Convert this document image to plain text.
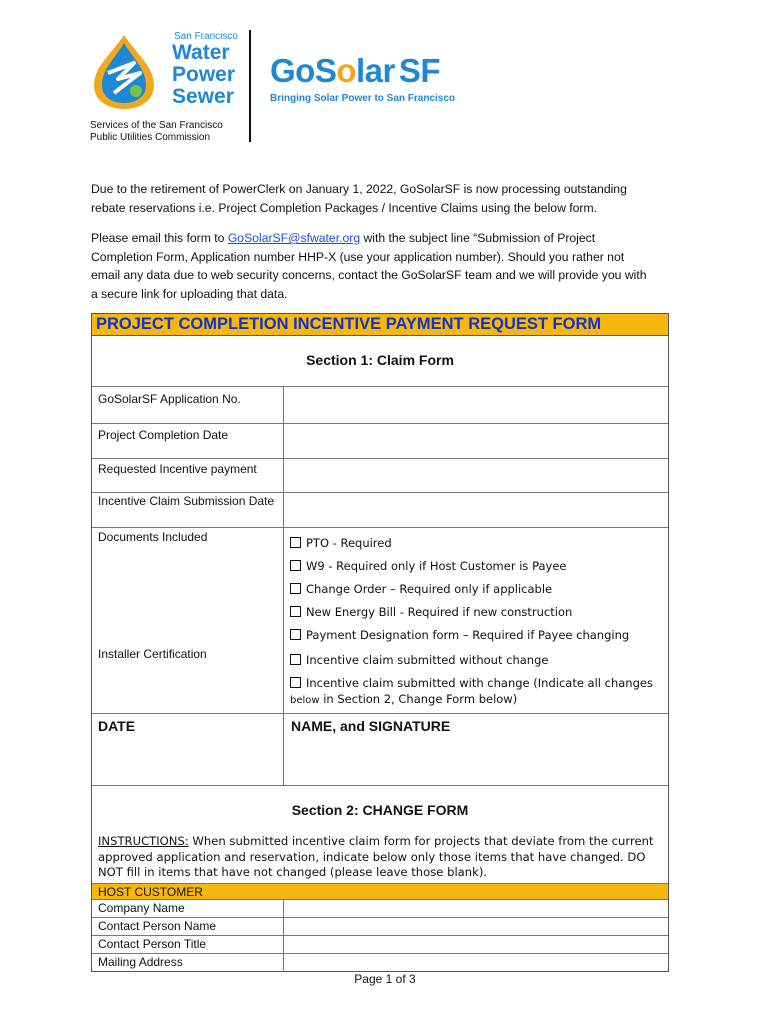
San Francisco
Water
Power
Sewer
Services of the San Francisco
Public Utilities Commission
GoSolar SF
Bringing Solar Power to San Francisco

Due to the retirement of PowerClerk on January 1, 2022, GoSolarSF is now processing outstanding rebate reservations i.e. Project Completion Packages / Incentive Claims using the below form.

Please email this form to GoSolarSF@sfwater.org with the subject line “Submission of Project Completion Form, Application number HHP-X (use your application number). Should you rather not email any data due to web security concerns, contact the GoSolarSF team and we will provide you with a secure link for uploading that data.

PROJECT COMPLETION INCENTIVE PAYMENT REQUEST FORM
Section 1: Claim Form
GoSolarSF Application No.
Project Completion Date
Requested Incentive payment
Incentive Claim Submission Date
Documents Included	PTO - Required
W9 - Required only if Host Customer is Payee
Change Order – Required only if applicable
New Energy Bill - Required if new construction
Payment Designation form – Required if Payee changing
Installer Certification	Incentive claim submitted without change
Incentive claim submitted with change (Indicate all changes
below in Section 2, Change Form below)
DATE	NAME, and SIGNATURE
Section 2: CHANGE FORM
INSTRUCTIONS: When submitted incentive claim form for projects that deviate from the current approved application and reservation, indicate below only those items that have changed. DO NOT fill in items that have not changed (please leave those blank).
HOST CUSTOMER
Company Name
Contact Person Name
Contact Person Title
Mailing Address
Page 1 of 3
